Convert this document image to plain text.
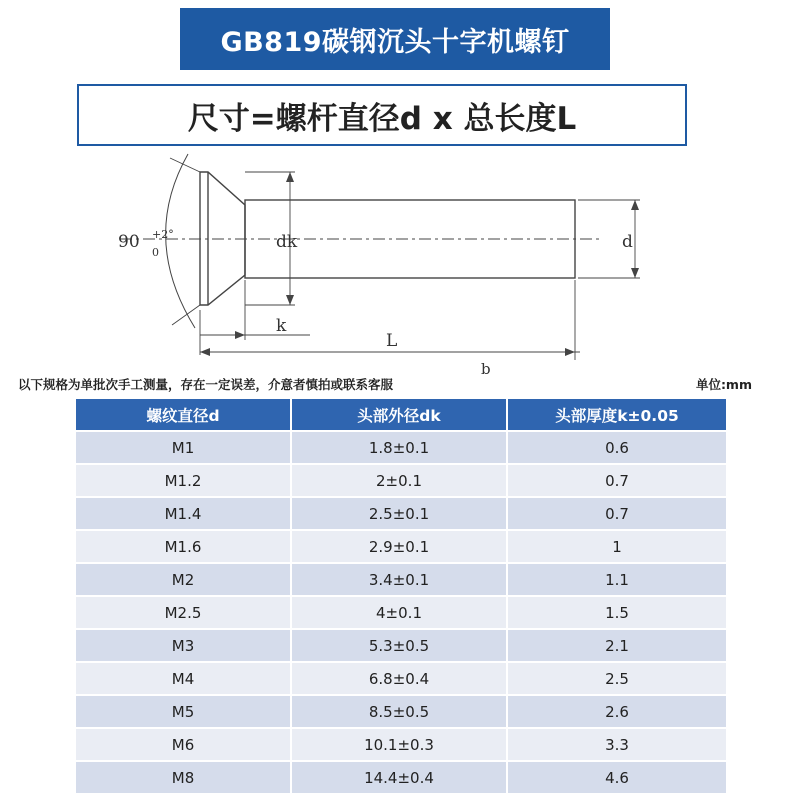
GB819碳钢沉头十字机螺钉
尺寸=螺杆直径d x 总长度L
90
0
+2°	dk	d
k
L
b
以下规格为单批次手工测量，存在一定误差，介意者慎拍或联系客服	单位:mm
螺纹直径d	头部外径dk	头部厚度k±0.05
M1	1.8±0.1	0.6
M1.2	2±0.1	0.7
M1.4	2.5±0.1	0.7
M1.6	2.9±0.1	1
M2	3.4±0.1	1.1
M2.5	4±0.1	1.5
M3	5.3±0.5	2.1
M4	6.8±0.4	2.5
M5	8.5±0.5	2.6
M6	10.1±0.3	3.3
M8	14.4±0.4	4.6
